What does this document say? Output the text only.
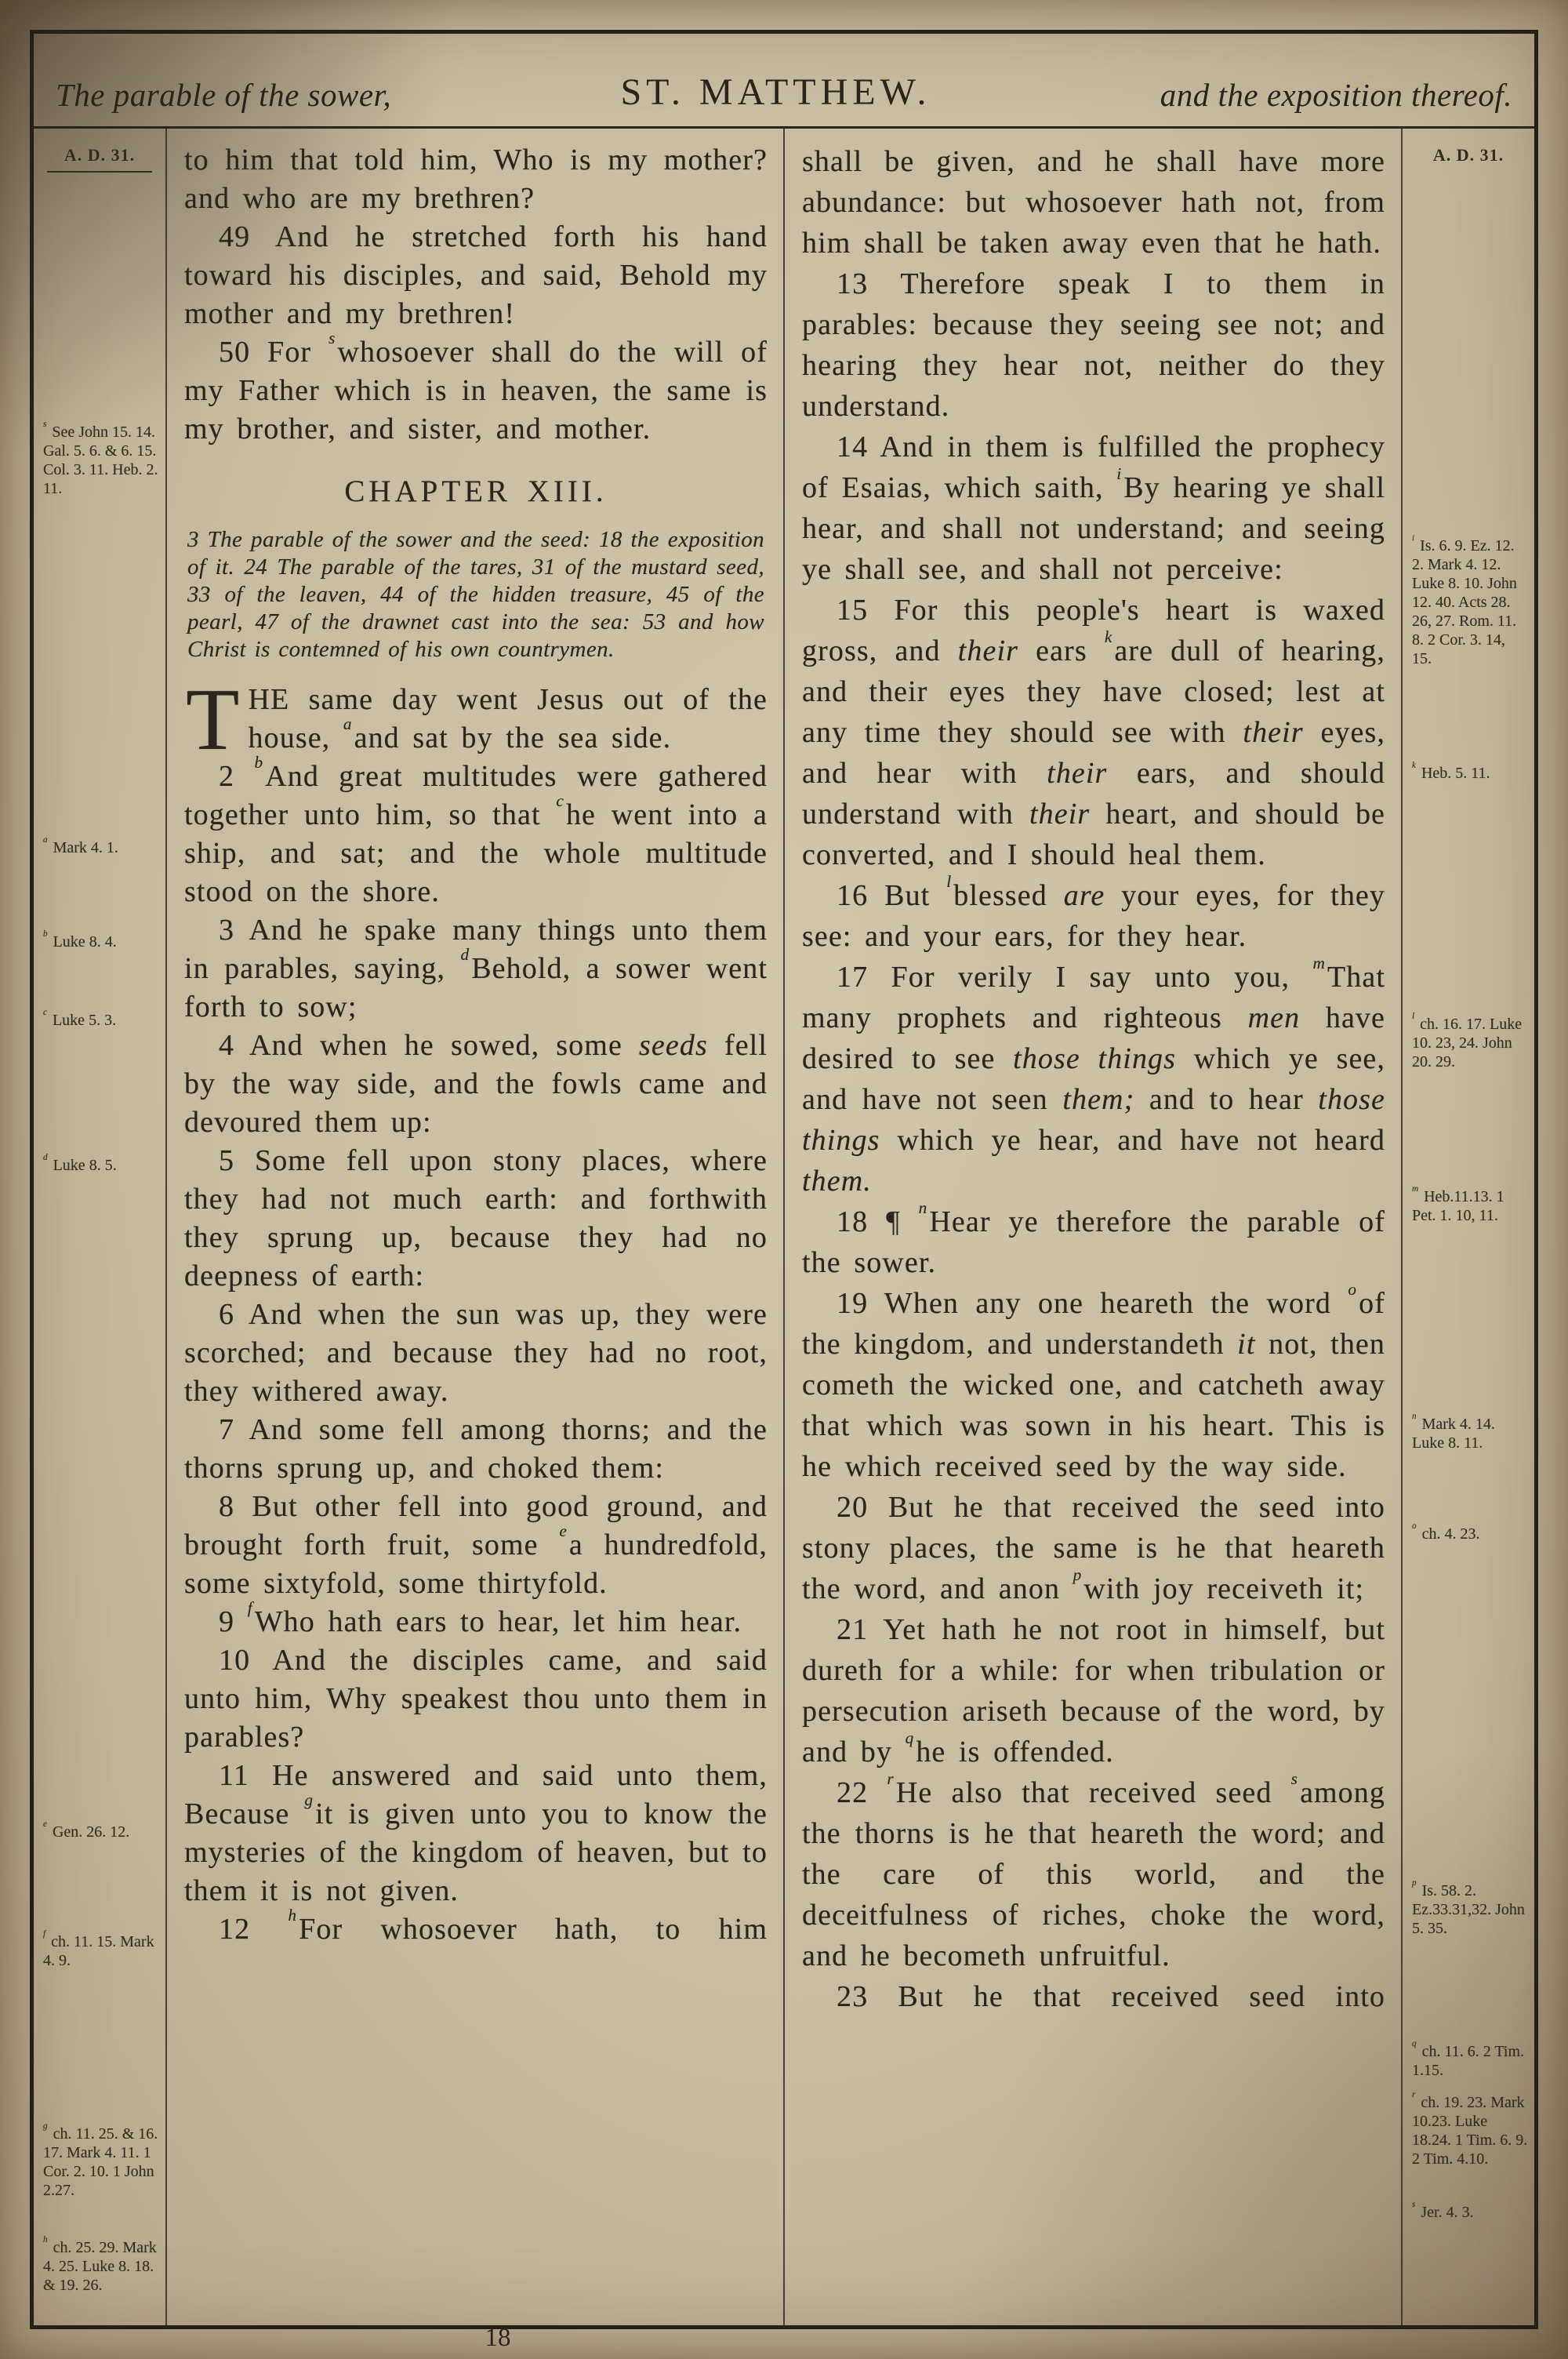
The parable of the sower,	ST. MATTHEW.	and the exposition thereof.
A. D. 31.
$^s$ See John 15. 14. Gal. 5. 6. & 6. 15. Col. 3. 11. Heb. 2. 11.
$^a$ Mark 4. 1.
$^b$ Luke 8. 4.
$^c$ Luke 5. 3.
$^d$ Luke 8. 5.
$^e$ Gen. 26. 12.
$^f$ ch. 11. 15. Mark 4. 9.
$^g$ ch. 11. 25. & 16. 17. Mark 4. 11. 1 Cor. 2. 10. 1 John 2.27.
$^h$ ch. 25. 29. Mark 4. 25. Luke 8. 18. & 19. 26.
to him that told him, Who is my mother? and who are my brethren?
49 And he stretched forth his hand toward his disciples, and said, Behold my mother and my brethren!
50 For $^s$whosoever shall do the will of my Father which is in heaven, the same is my brother, and sister, and mother.
CHAPTER XIII.
3 The parable of the sower and the seed: 18 the exposition of it. 24 The parable of the tares, 31 of the mustard seed, 33 of the leaven, 44 of the hidden treasure, 45 of the pearl, 47 of the drawnet cast into the sea: 53 and how Christ is contemned of his own countrymen.
THE same day went Jesus out of the house, $^a$and sat by the sea side.
2 $^b$And great multitudes were gathered together unto him, so that $^c$he went into a ship, and sat; and the whole multitude stood on the shore.
3 And he spake many things unto them in parables, saying, $^d$Behold, a sower went forth to sow;
4 And when he sowed, some seeds fell by the way side, and the fowls came and devoured them up:
5 Some fell upon stony places, where they had not much earth: and forthwith they sprung up, because they had no deepness of earth:
6 And when the sun was up, they were scorched; and because they had no root, they withered away.
7 And some fell among thorns; and the thorns sprung up, and choked them:
8 But other fell into good ground, and brought forth fruit, some $^e$a hundredfold, some sixtyfold, some thirtyfold.
9 $^f$Who hath ears to hear, let him hear.
10 And the disciples came, and said unto him, Why speakest thou unto them in parables?
11 He answered and said unto them, Because $^g$it is given unto you to know the mysteries of the kingdom of heaven, but to them it is not given.
12 $^h$For whosoever hath, to him
shall be given, and he shall have more abundance: but whosoever hath not, from him shall be taken away even that he hath.
13 Therefore speak I to them in parables: because they seeing see not; and hearing they hear not, neither do they understand.
14 And in them is fulfilled the prophecy of Esaias, which saith, $^i$By hearing ye shall hear, and shall not understand; and seeing ye shall see, and shall not perceive:
15 For this people's heart is waxed gross, and their ears $^k$are dull of hearing, and their eyes they have closed; lest at any time they should see with their eyes, and hear with their ears, and should understand with their heart, and should be converted, and I should heal them.
16 But $^l$blessed are your eyes, for they see: and your ears, for they hear.
17 For verily I say unto you, $^m$That many prophets and righteous men have desired to see those things which ye see, and have not seen them; and to hear those things which ye hear, and have not heard them.
18 ¶ $^n$Hear ye therefore the parable of the sower.
19 When any one heareth the word $^o$of the kingdom, and understandeth it not, then cometh the wicked one, and catcheth away that which was sown in his heart. This is he which received seed by the way side.
20 But he that received the seed into stony places, the same is he that heareth the word, and anon $^p$with joy receiveth it;
21 Yet hath he not root in himself, but dureth for a while: for when tribulation or persecution ariseth because of the word, by and by $^q$he is offended.
22 $^r$He also that received seed $^s$among the thorns is he that heareth the word; and the care of this world, and the deceitfulness of riches, choke the word, and he becometh unfruitful.
23 But he that received seed into
A. D. 31.
$^i$ Is. 6. 9. Ez. 12. 2. Mark 4. 12. Luke 8. 10. John 12. 40. Acts 28. 26, 27. Rom. 11. 8. 2 Cor. 3. 14, 15.
$^k$ Heb. 5. 11.
$^l$ ch. 16. 17. Luke 10. 23, 24. John 20. 29.
$^m$ Heb.11.13. 1 Pet. 1. 10, 11.
$^n$ Mark 4. 14. Luke 8. 11.
$^o$ ch. 4. 23.
$^p$ Is. 58. 2. Ez.33.31,32. John 5. 35.
$^q$ ch. 11. 6. 2 Tim. 1.15.
$^r$ ch. 19. 23. Mark 10.23. Luke 18.24. 1 Tim. 6. 9. 2 Tim. 4.10.
$^s$ Jer. 4. 3.
18
